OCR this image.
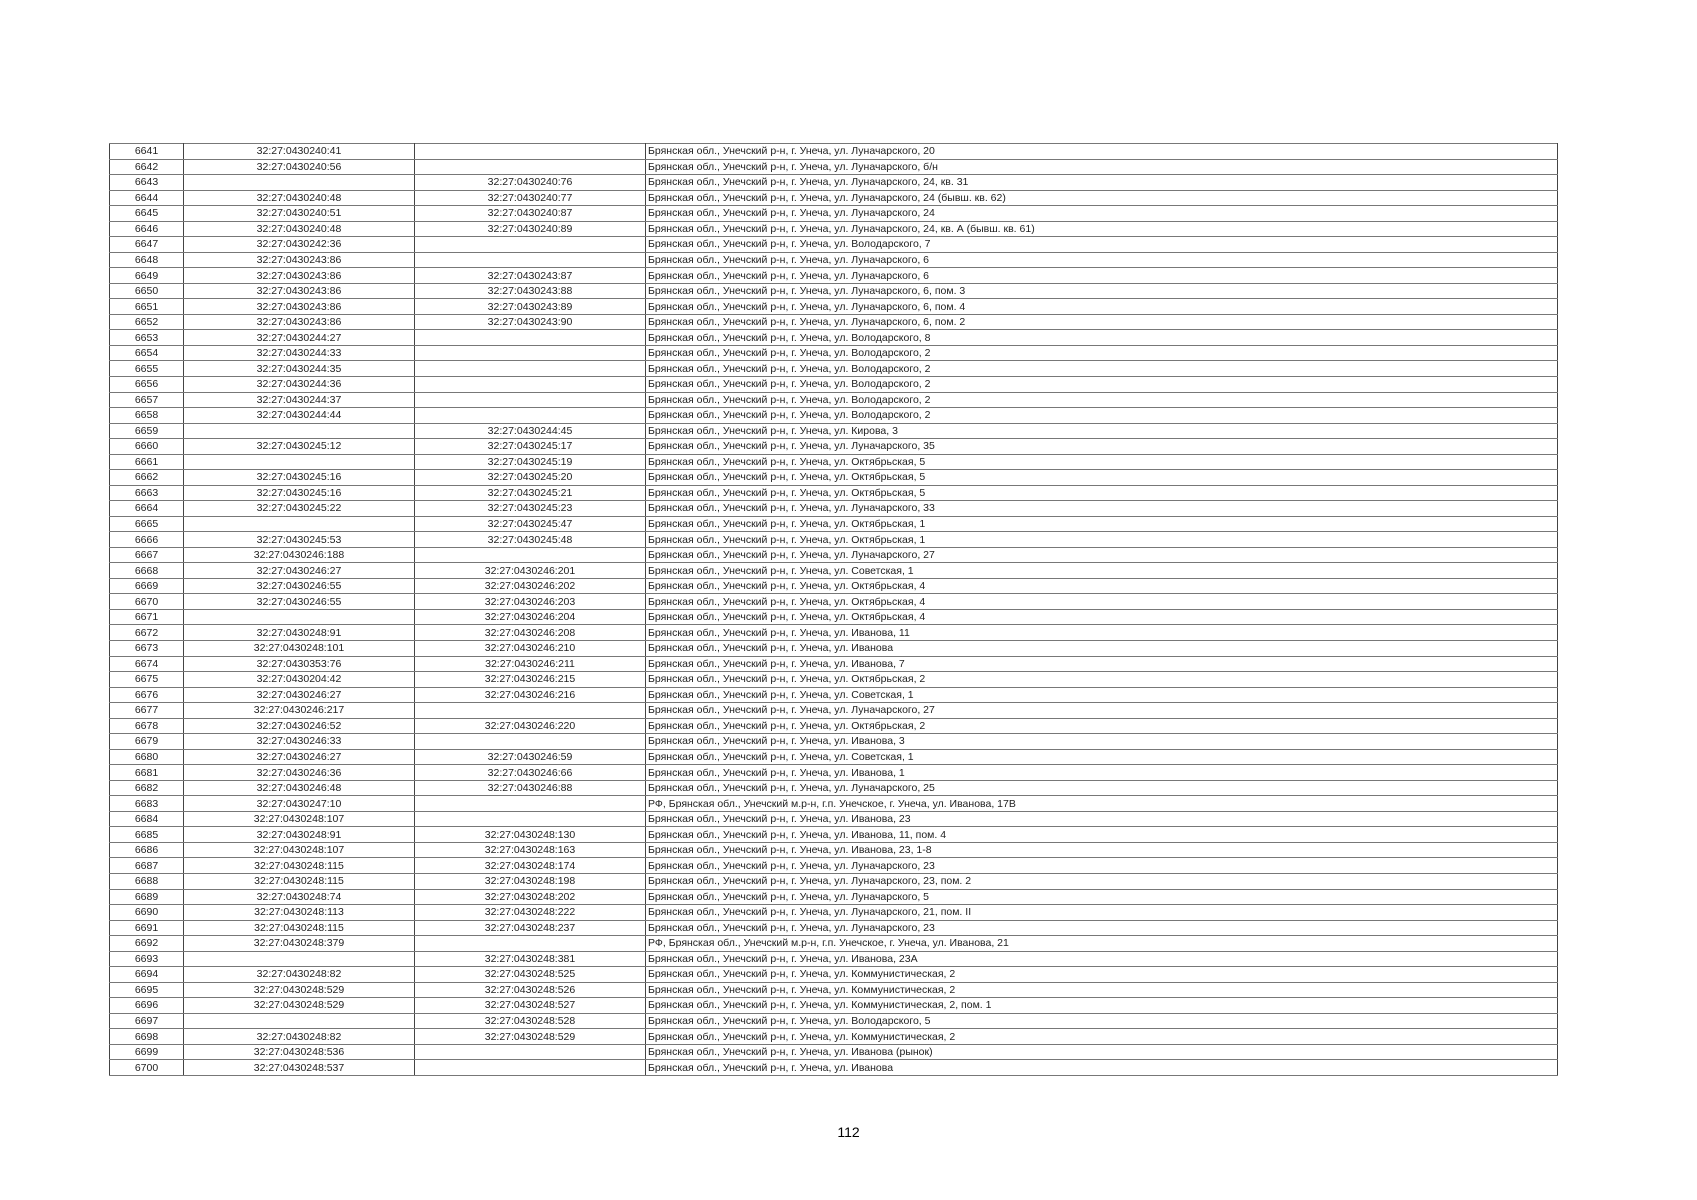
6641	32:27:0430240:41		Брянская обл., Унечский р-н, г. Унеча, ул. Луначарского, 20
6642	32:27:0430240:56		Брянская обл., Унечский р-н, г. Унеча, ул. Луначарского, б/н
6643		32:27:0430240:76	Брянская обл., Унечский р-н, г. Унеча, ул. Луначарского, 24, кв. 31
6644	32:27:0430240:48	32:27:0430240:77	Брянская обл., Унечский р-н, г. Унеча, ул. Луначарского, 24 (бывш. кв. 62)
6645	32:27:0430240:51	32:27:0430240:87	Брянская обл., Унечский р-н, г. Унеча, ул. Луначарского, 24
6646	32:27:0430240:48	32:27:0430240:89	Брянская обл., Унечский р-н, г. Унеча, ул. Луначарского, 24, кв. А (бывш. кв. 61)
6647	32:27:0430242:36		Брянская обл., Унечский р-н, г. Унеча, ул. Володарского, 7
6648	32:27:0430243:86		Брянская обл., Унечский р-н, г. Унеча, ул. Луначарского, 6
6649	32:27:0430243:86	32:27:0430243:87	Брянская обл., Унечский р-н, г. Унеча, ул. Луначарского, 6
6650	32:27:0430243:86	32:27:0430243:88	Брянская обл., Унечский р-н, г. Унеча, ул. Луначарского, 6, пом. 3
6651	32:27:0430243:86	32:27:0430243:89	Брянская обл., Унечский р-н, г. Унеча, ул. Луначарского, 6, пом. 4
6652	32:27:0430243:86	32:27:0430243:90	Брянская обл., Унечский р-н, г. Унеча, ул. Луначарского, 6, пом. 2
6653	32:27:0430244:27		Брянская обл., Унечский р-н, г. Унеча, ул. Володарского, 8
6654	32:27:0430244:33		Брянская обл., Унечский р-н, г. Унеча, ул. Володарского, 2
6655	32:27:0430244:35		Брянская обл., Унечский р-н, г. Унеча, ул. Володарского, 2
6656	32:27:0430244:36		Брянская обл., Унечский р-н, г. Унеча, ул. Володарского, 2
6657	32:27:0430244:37		Брянская обл., Унечский р-н, г. Унеча, ул. Володарского, 2
6658	32:27:0430244:44		Брянская обл., Унечский р-н, г. Унеча, ул. Володарского, 2
6659		32:27:0430244:45	Брянская обл., Унечский р-н, г. Унеча, ул. Кирова, 3
6660	32:27:0430245:12	32:27:0430245:17	Брянская обл., Унечский р-н, г. Унеча, ул. Луначарского, 35
6661		32:27:0430245:19	Брянская обл., Унечский р-н, г. Унеча, ул. Октябрьская, 5
6662	32:27:0430245:16	32:27:0430245:20	Брянская обл., Унечский р-н, г. Унеча, ул. Октябрьская, 5
6663	32:27:0430245:16	32:27:0430245:21	Брянская обл., Унечский р-н, г. Унеча, ул. Октябрьская, 5
6664	32:27:0430245:22	32:27:0430245:23	Брянская обл., Унечский р-н, г. Унеча, ул. Луначарского, 33
6665		32:27:0430245:47	Брянская обл., Унечский р-н, г. Унеча, ул. Октябрьская, 1
6666	32:27:0430245:53	32:27:0430245:48	Брянская обл., Унечский р-н, г. Унеча, ул. Октябрьская, 1
6667	32:27:0430246:188		Брянская обл., Унечский р-н, г. Унеча, ул. Луначарского, 27
6668	32:27:0430246:27	32:27:0430246:201	Брянская обл., Унечский р-н, г. Унеча, ул. Советская, 1
6669	32:27:0430246:55	32:27:0430246:202	Брянская обл., Унечский р-н, г. Унеча, ул. Октябрьская, 4
6670	32:27:0430246:55	32:27:0430246:203	Брянская обл., Унечский р-н, г. Унеча, ул. Октябрьская, 4
6671		32:27:0430246:204	Брянская обл., Унечский р-н, г. Унеча, ул. Октябрьская, 4
6672	32:27:0430248:91	32:27:0430246:208	Брянская обл., Унечский р-н, г. Унеча, ул. Иванова, 11
6673	32:27:0430248:101	32:27:0430246:210	Брянская обл., Унечский р-н, г. Унеча, ул. Иванова
6674	32:27:0430353:76	32:27:0430246:211	Брянская обл., Унечский р-н, г. Унеча, ул. Иванова, 7
6675	32:27:0430204:42	32:27:0430246:215	Брянская обл., Унечский р-н, г. Унеча, ул. Октябрьская, 2
6676	32:27:0430246:27	32:27:0430246:216	Брянская обл., Унечский р-н, г. Унеча, ул. Советская, 1
6677	32:27:0430246:217		Брянская обл., Унечский р-н, г. Унеча, ул. Луначарского, 27
6678	32:27:0430246:52	32:27:0430246:220	Брянская обл., Унечский р-н, г. Унеча, ул. Октябрьская, 2
6679	32:27:0430246:33		Брянская обл., Унечский р-н, г. Унеча, ул. Иванова, 3
6680	32:27:0430246:27	32:27:0430246:59	Брянская обл., Унечский р-н, г. Унеча, ул. Советская, 1
6681	32:27:0430246:36	32:27:0430246:66	Брянская обл., Унечский р-н, г. Унеча, ул. Иванова, 1
6682	32:27:0430246:48	32:27:0430246:88	Брянская обл., Унечский р-н, г. Унеча, ул. Луначарского, 25
6683	32:27:0430247:10		РФ, Брянская обл., Унечский м.р-н, г.п. Унечское, г. Унеча, ул. Иванова, 17В
6684	32:27:0430248:107		Брянская обл., Унечский р-н, г. Унеча, ул. Иванова, 23
6685	32:27:0430248:91	32:27:0430248:130	Брянская обл., Унечский р-н, г. Унеча, ул. Иванова, 11, пом. 4
6686	32:27:0430248:107	32:27:0430248:163	Брянская обл., Унечский р-н, г. Унеча, ул. Иванова, 23, 1-8
6687	32:27:0430248:115	32:27:0430248:174	Брянская обл., Унечский р-н, г. Унеча, ул. Луначарского, 23
6688	32:27:0430248:115	32:27:0430248:198	Брянская обл., Унечский р-н, г. Унеча, ул. Луначарского, 23, пом. 2
6689	32:27:0430248:74	32:27:0430248:202	Брянская обл., Унечский р-н, г. Унеча, ул. Луначарского, 5
6690	32:27:0430248:113	32:27:0430248:222	Брянская обл., Унечский р-н, г. Унеча, ул. Луначарского, 21, пом. II
6691	32:27:0430248:115	32:27:0430248:237	Брянская обл., Унечский р-н, г. Унеча, ул. Луначарского, 23
6692	32:27:0430248:379		РФ, Брянская обл., Унечский м.р-н, г.п. Унечское, г. Унеча, ул. Иванова, 21
6693		32:27:0430248:381	Брянская обл., Унечский р-н, г. Унеча, ул. Иванова, 23А
6694	32:27:0430248:82	32:27:0430248:525	Брянская обл., Унечский р-н, г. Унеча, ул. Коммунистическая, 2
6695	32:27:0430248:529	32:27:0430248:526	Брянская обл., Унечский р-н, г. Унеча, ул. Коммунистическая, 2
6696	32:27:0430248:529	32:27:0430248:527	Брянская обл., Унечский р-н, г. Унеча, ул. Коммунистическая, 2, пом. 1
6697		32:27:0430248:528	Брянская обл., Унечский р-н, г. Унеча, ул. Володарского, 5
6698	32:27:0430248:82	32:27:0430248:529	Брянская обл., Унечский р-н, г. Унеча, ул. Коммунистическая, 2
6699	32:27:0430248:536		Брянская обл., Унечский р-н, г. Унеча, ул. Иванова (рынок)
6700	32:27:0430248:537		Брянская обл., Унечский р-н, г. Унеча, ул. Иванова
112
